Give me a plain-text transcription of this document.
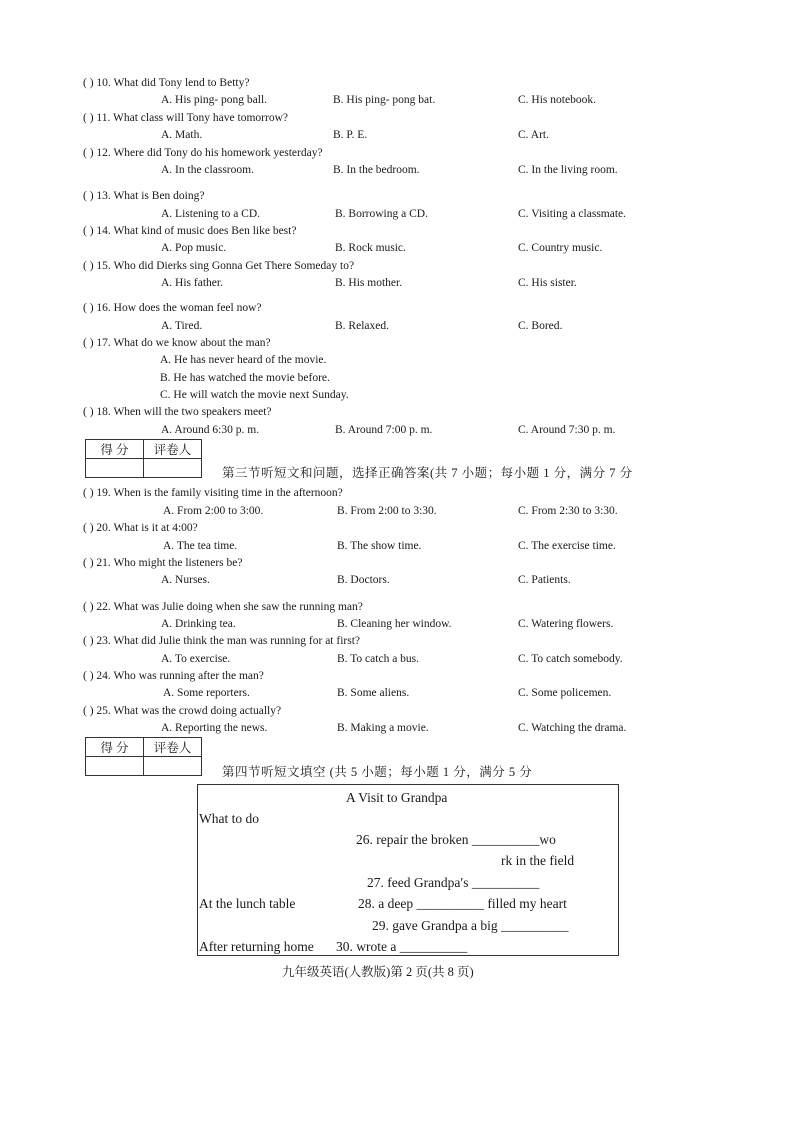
( ) 10. What did Tony lend to Betty?
A. His ping- pong ball.	B. His ping- pong bat.	C. His notebook.
( ) 11. What class will Tony have tomorrow?
A. Math.	B. P. E.	C. Art.
( ) 12. Where did Tony do his homework yesterday?
A. In the classroom.	B. In the bedroom.	C. In the living room.
( ) 13. What is Ben doing?
A. Listening to a CD.	B. Borrowing a CD.	C. Visiting a classmate.
( ) 14. What kind of music does Ben like best?
A. Pop music.	B. Rock music.	C. Country music.
( ) 15. Who did Dierks sing Gonna Get There Someday to?
A. His father.	B. His mother.	C. His sister.
( ) 16. How does the woman feel now?
A. Tired.	B. Relaxed.	C. Bored.
( ) 17. What do we know about the man?
A. He has never heard of the movie.
B. He has watched the movie before.
C. He will watch the movie next Sunday.
( ) 18. When will the two speakers meet?
A. Around 6:30 p. m.	B. Around 7:00 p. m.	C. Around 7:30 p. m.
得 分	评卷人

第三节听短文和问题，选择正确答案(共 7 小题；每小题 1 分，满分 7 分
( ) 19. When is the family visiting time in the afternoon?
A. From 2:00 to 3:00.	B. From 2:00 to 3:30.	C. From 2:30 to 3:30.
( ) 20. What is it at 4:00?
A. The tea time.	B. The show time.	C. The exercise time.
( ) 21. Who might the listeners be?
A. Nurses.	B. Doctors.	C. Patients.
( ) 22. What was Julie doing when she saw the running man?
A. Drinking tea.	B. Cleaning her window.	C. Watering flowers.
( ) 23. What did Julie think the man was running for at first?
A. To exercise.	B. To catch a bus.	C. To catch somebody.
( ) 24. Who was running after the man?
A. Some reporters.	B. Some aliens.	C. Some policemen.
( ) 25. What was the crowd doing actually?
A. Reporting the news.	B. Making a movie.	C. Watching the drama.
得 分	评卷人

第四节听短文填空 (共 5 小题；每小题 1 分，满分 5 分
A Visit to Grandpa
What to do
26. repair the broken __________wo
rk in the field
27. feed Grandpa′s __________
At the lunch table	28. a deep __________ filled my heart
29. gave Grandpa a big __________
After returning home 30. wrote a __________
九年级英语(人教版)第 2 页(共 8 页)
